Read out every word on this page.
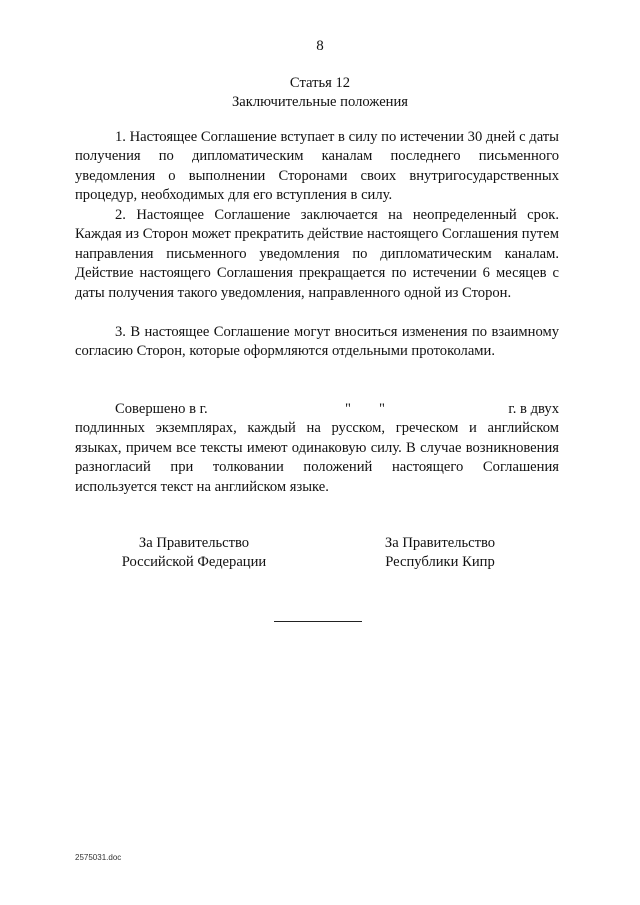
8
Статья 12
Заключительные положения

1. Настоящее Соглашение вступает в силу по истечении 30 дней с даты получения по дипломатическим каналам последнего письменного уведомления о выполнении Сторонами своих внутригосударственных процедур, необходимых для его вступления в силу.

2. Настоящее Соглашение заключается на неопределенный срок. Каждая из Сторон может прекратить действие настоящего Соглашения путем направления письменного уведомления по дипломатическим каналам. Действие настоящего Соглашения прекращается по истечении 6 месяцев с даты получения такого уведомления, направленного одной из Сторон.

3. В настоящее Соглашение могут вноситься изменения по взаимному согласию Сторон, которые оформляются отдельными протоколами.

Совершено в г.	" "	г. в двух

подлинных экземплярах, каждый на русском, греческом и английском языках, причем все тексты имеют одинаковую силу. В случае возникновения разногласий при толковании положений настоящего Соглашения используется текст на английском языке.

За Правительство
Российской Федерации
За Правительство
Республики Кипр
2575031.doc
